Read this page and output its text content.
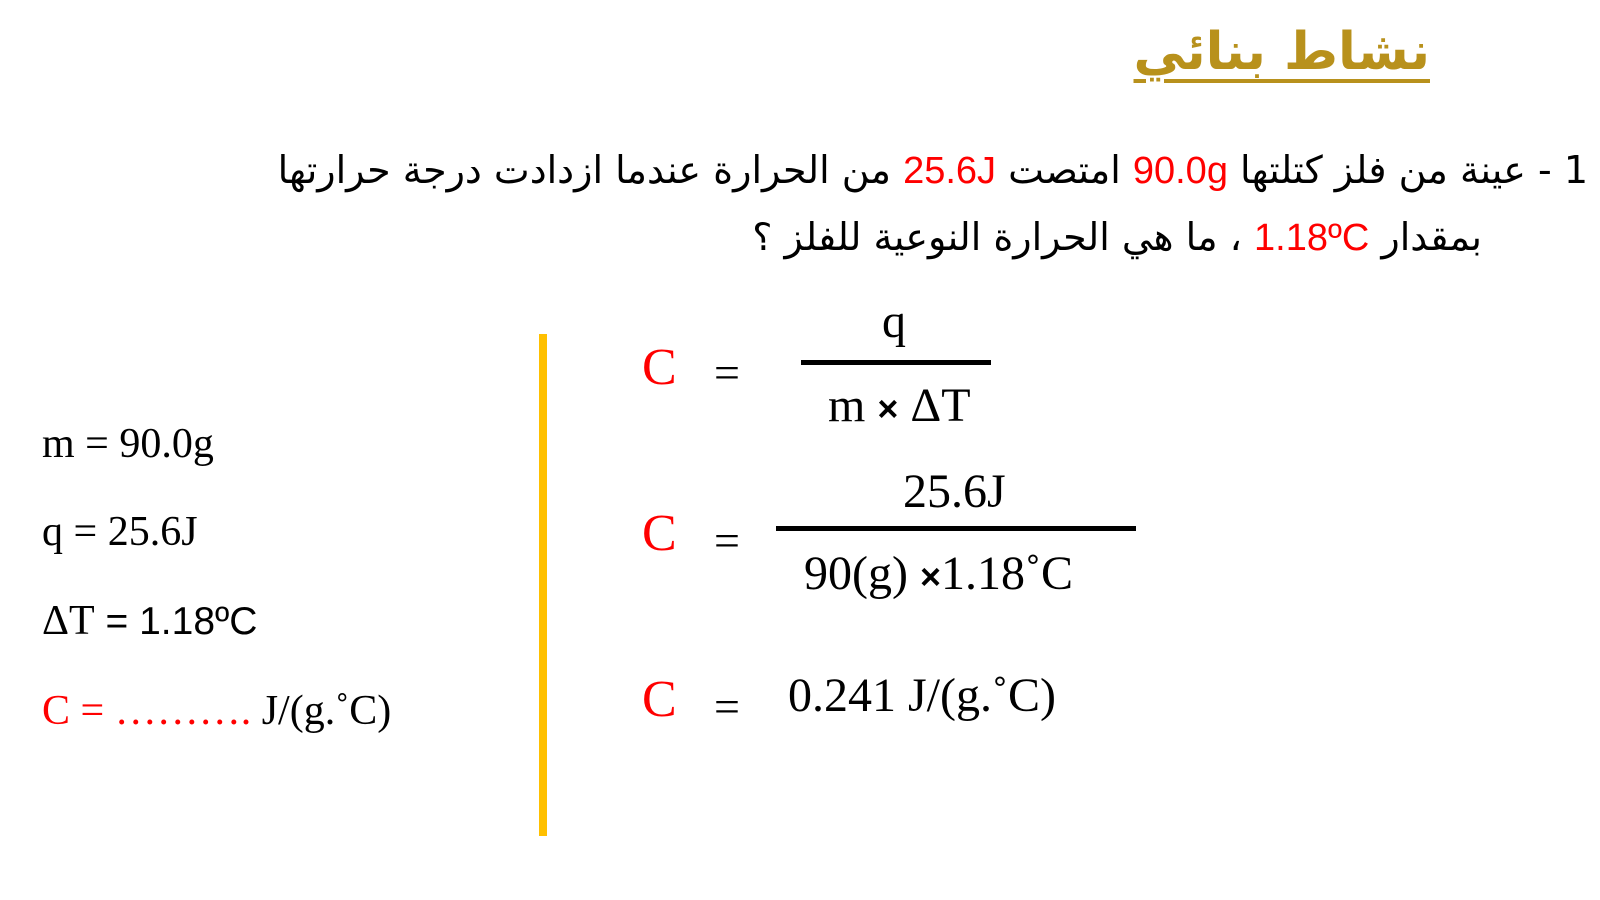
نشاط بنائي
1 - عينة من فلز كتلتها 90.0g امتصت 25.6J من الحرارة عندما ازدادت درجة حرارتها
بمقدار 1.18ºC ، ما هي الحرارة النوعية للفلز ؟
m = 90.0g
q = 25.6J
ΔT = 1.18ºC
C = ………. J/(g.˚C)
C =
q
m × ΔT
C =
25.6J
90(g) ×1.18˚C
C = 0.241 J/(g.˚C)
